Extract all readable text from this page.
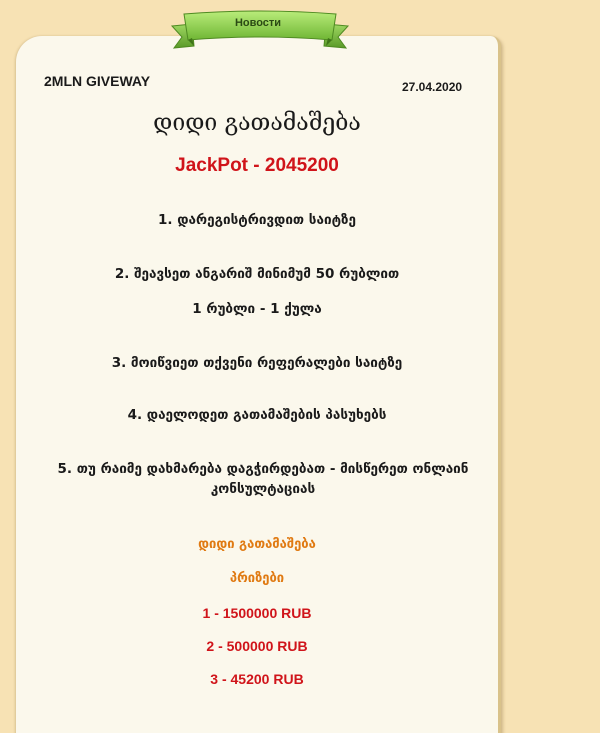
Новости
2MLN GIVEWAY	27.04.2020
დიდი გათამაშება
JackPot - 2045200
1. დარეგისტრივდით საიტზე
2. შეავსეთ ანგარიშ მინიმუმ 50 რუბლით
1 რუბლი - 1 ქულა
3. მოიწვიეთ თქვენი რეფერალები საიტზე
4. დაელოდეთ გათამაშების პასუხებს
5. თუ რაიმე დახმარება დაგჭირდებათ - მისწერეთ ონლაინ კონსულტაციას
დიდი გათამაშება
პრიზები
1 - 1500000 RUB
2 - 500000 RUB
3 - 45200 RUB
